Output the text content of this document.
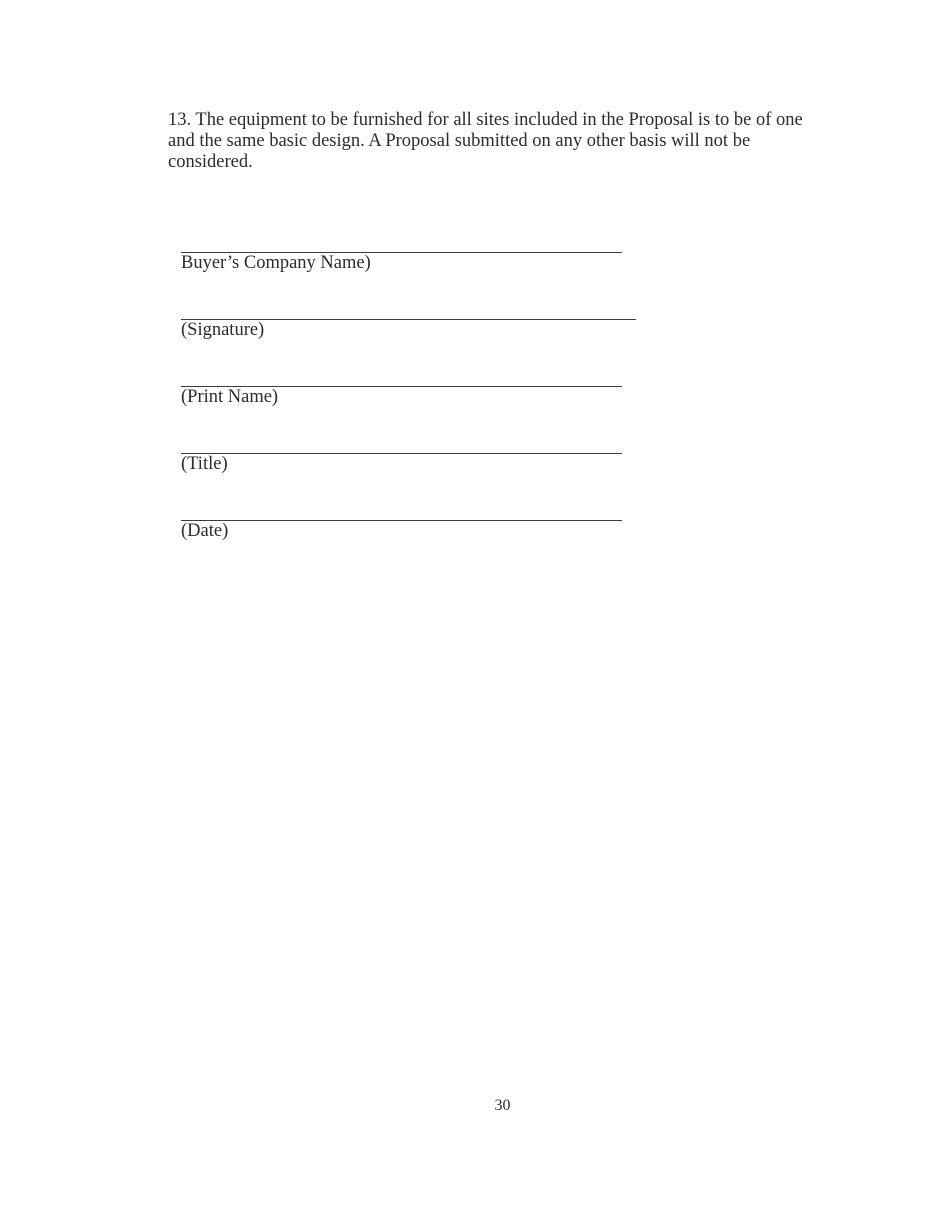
13. The equipment to be furnished for all sites included in the Proposal is to be of one and the same basic design. A Proposal submitted on any other basis will not be considered.

Buyer’s Company Name)
(Signature)
(Print Name)
(Title)
(Date)
30
